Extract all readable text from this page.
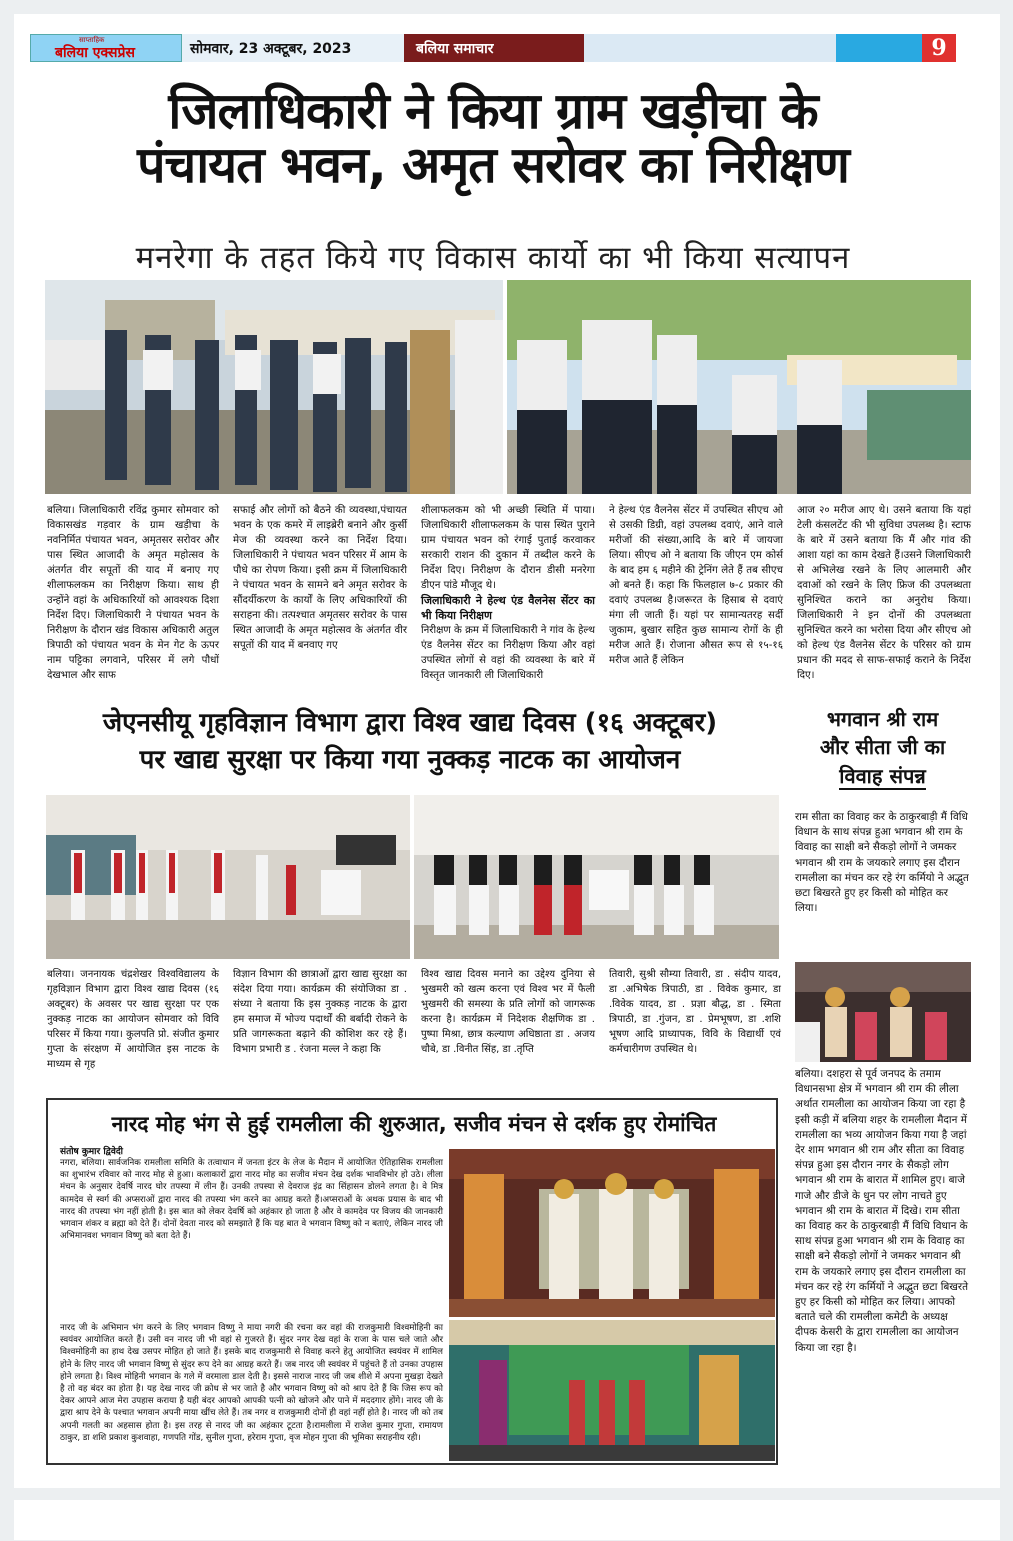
साप्ताहिक
बलिया एक्सप्रेस	सोमवार, 23 अक्टूबर, 2023	बलिया समाचार	9
जिलाधिकारी ने किया ग्राम खड़ीचा के
पंचायत भवन, अमृत सरोवर का निरीक्षण
मनरेगा के तहत किये गए विकास कार्यो का भी किया सत्यापन
बलिया। जिलाधिकारी रविंद्र कुमार सोमवार को विकासखंड गड़वार के ग्राम खड़ीचा के नवनिर्मित पंचायत भवन, अमृतसर सरोवर और पास स्थित आजादी के अमृत महोत्सव के अंतर्गत वीर सपूतों की याद में बनाए गए शीलाफलकम का निरीक्षण किया। साथ ही उन्होंने वहां के अधिकारियों को आवश्यक दिशा निर्देश दिए। जिलाधिकारी ने पंचायत भवन के निरीक्षण के दौरान खंड विकास अधिकारी अतुल त्रिपाठी को पंचायत भवन के मेन गेट के ऊपर नाम पट्टिका लगवाने, परिसर में लगे पौधों देखभाल और साफ
सफाई और लोगों को बैठने की व्यवस्था,पंचायत भवन के एक कमरे में लाइब्रेरी बनाने और कुर्सी मेज की व्यवस्था करने का निर्देश दिया। जिलाधिकारी ने पंचायत भवन परिसर में आम के पौधे का रोपण किया। इसी क्रम में जिलाधिकारी ने पंचायत भवन के सामने बने अमृत सरोवर के सौंदर्यीकरण के कार्यों के लिए अधिकारियों की सराहना की। तत्पश्चात अमृतसर सरोवर के पास स्थित आजादी के अमृत महोत्सव के अंतर्गत वीर सपूतों की याद में बनवाए गए
शीलाफलकम को भी अच्छी स्थिति में पाया। जिलाधिकारी शीलाफलकम के पास स्थित पुराने ग्राम पंचायत भवन को रंगाई पुताई करवाकर सरकारी राशन की दुकान में तब्दील करने के निर्देश दिए। निरीक्षण के दौरान डीसी मनरेगा डीएन पांडे मौजूद थे।
जिलाधिकारी ने हेल्थ एंड वैलनेस सेंटर का भी किया निरीक्षण
निरीक्षण के क्रम में जिलाधिकारी ने गांव के हेल्थ एंड वैलनेस सेंटर का निरीक्षण किया और वहां उपस्थित लोगों से वहां की व्यवस्था के बारे में विस्तृत जानकारी ली जिलाधिकारी
ने हेल्थ एंड वैलनेस सेंटर में उपस्थित सीएच ओ से उसकी डिग्री, वहां उपलब्ध दवाएं, आने वाले मरीजों की संख्या,आदि के बारे में जायजा लिया। सीएच ओ ने बताया कि जीएन एम कोर्स के बाद हम ६ महीने की ट्रेनिंग लेते हैं तब सीएच ओ बनते हैं। कहा कि फिलहाल ७-८ प्रकार की दवाएं उपलब्ध है।जरूरत के हिसाब से दवाएं मंगा ली जाती हैं। यहां पर सामान्यतरह सर्दी जुकाम, बुखार सहित कुछ सामान्य रोगों के ही मरीज आते हैं। रोजाना औसत रूप से १५-१६ मरीज आते हैं लेकिन
आज २० मरीज आए थे। उसने बताया कि यहां टेली कंसलटेंट की भी सुविधा उपलब्ध है। स्टाफ के बारे में उसने बताया कि मैं और गांव की आशा यहां का काम देखते हैं।उसने जिलाधिकारी से अभिलेख रखने के लिए आलमारी और दवाओं को रखने के लिए फ्रिज की उपलब्धता सुनिश्चित कराने का अनुरोध किया। जिलाधिकारी ने इन दोनों की उपलब्धता सुनिश्चित करने का भरोसा दिया और सीएच ओ को हेल्थ एंड वैलनेस सेंटर के परिसर को ग्राम प्रधान की मदद से साफ-सफाई कराने के निर्देश दिए।
जेएनसीयू गृहविज्ञान विभाग द्वारा विश्व खाद्य दिवस (१६ अक्टूबर)
पर खाद्य सुरक्षा पर किया गया नुक्कड़ नाटक का आयोजन
बलिया। जननायक चंद्रशेखर विश्वविद्यालय के गृहविज्ञान विभाग द्वारा विश्व खाद्य दिवस (१६ अक्टूबर) के अवसर पर खाद्य सुरक्षा पर एक नुक्कड़ नाटक का आयोजन सोमवार को विवि परिसर में किया गया। कुलपति प्रो. संजीत कुमार गुप्ता के संरक्षण में आयोजित इस नाटक के माध्यम से गृह
विज्ञान विभाग की छात्राओं द्वारा खाद्य सुरक्षा का संदेश दिया गया। कार्यक्रम की संयोजिका डा . संध्या ने बताया कि इस नुक्कड़ नाटक के द्वारा हम समाज में भोज्य पदार्थों की बर्बादी रोकने के प्रति जागरूकता बढ़ाने की कोशिश कर रहे हैं। विभाग प्रभारी ड . रंजना मल्ल ने कहा कि
विश्व खाद्य दिवस मनाने का उद्देश्य दुनिया से भुखमरी को खत्म करना एवं विश्व भर में फैली भुखमरी की समस्या के प्रति लोगों को जागरूक करना है। कार्यक्रम में निदेशक शैक्षणिक डा . पुष्पा मिश्रा, छात्र कल्याण अधिष्ठाता डा . अजय चौबे, डा .विनीत सिंह, डा .तृप्ति
तिवारी, सुश्री सौम्या तिवारी, डा . संदीप यादव, डा .अभिषेक त्रिपाठी, डा . विवेक कुमार, डा .विवेक यादव, डा . प्रज्ञा बौद्ध, डा . स्मिता त्रिपाठी, डा .गुंजन, डा . प्रेमभूषण, डा .शशि भूषण आदि प्राध्यापक, विवि के विद्यार्थी एवं कर्मचारीगण उपस्थित थे।
भगवान श्री राम
और सीता जी का
विवाह संपन्न
राम सीता का विवाह कर के ठाकुरबाड़ी मैं विधि विधान के साथ संपन्न हुआ भगवान श्री राम के विवाह का साक्षी बने सैकड़ो लोगों ने जमकर भगवान श्री राम के जयकारे लगाए इस दौरान रामलीला का मंचन कर रहे रंग कर्मियो ने अद्भुत छटा बिखरते हुए हर किसी को मोहित कर लिया।
बलिया। दशहरा से पूर्व जनपद के तमाम विधानसभा क्षेत्र में भगवान श्री राम की लीला अर्थात रामलीला का आयोजन किया जा रहा है इसी कड़ी में बलिया शहर के रामलीला मैदान में रामलीला का भव्य आयोजन किया गया है जहां देर शाम भगवान श्री राम और सीता का विवाह संपन्न हुआ इस दौरान नगर के सैकड़ो लोग भगवान श्री राम के बारात में शामिल हुए। बाजे गाजे और डीजे के धुन पर लोग नाचते हुए भगवान श्री राम के बारात में दिखे। राम सीता का विवाह कर के ठाकुरबाड़ी मैं विधि विधान के साथ संपन्न हुआ भगवान श्री राम के विवाह का साक्षी बने सैकड़ो लोगों ने जमकर भगवान श्री राम के जयकारे लगाए इस दौरान रामलीला का मंचन कर रहे रंग कर्मियों ने अद्भुत छटा बिखरते हुए हर किसी को मोहित कर लिया। आपको बताते चले की रामलीला कमेटी के अध्यक्ष दीपक केसरी के द्वारा रामलीला का आयोजन किया जा रहा है।
नारद मोह भंग से हुई रामलीला की शुरुआत, सजीव मंचन से दर्शक हुए रोमांचित
संतोष कुमार द्विवेदी
नगरा, बलिया। सार्वजनिक रामलीला समिति के तत्वाधान में जनता इंटर के लेज के मैदान में आयोजित ऐतिहासिक रामलीला का शुभारंभ रविवार को नारद मोह से हुआ। कलाकारों द्वारा नारद मोह का सजीव मंचन देख दर्शक भावविभोर हो उठे। लीला मंचन के अनुसार देवर्षि नारद घोर तपस्या में लीन हैं। उनकी तपस्या से देवराज इंद्र का सिंहासन डोलने लगता है। वे मित्र कामदेव से स्वर्ग की अप्सराओं द्वारा नारद की तपस्या भंग करने का आग्रह करते हैं।अप्सराओं के अथक प्रयास के बाद भी नारद की तपस्या भंग नहीं होती है। इस बात को लेकर देवर्षि को अहंकार हो जाता है और वे कामदेव पर विजय की जानकारी भगवान शंकर व ब्रह्मा को देते हैं। दोनों देवता नारद को समझाते हैं कि यह बात वे भगवान विष्णु को न बताएं, लेकिन नारद जी अभिमानवश भगवान विष्णु को बता देते हैं।
नारद जी के अभिमान भंग करने के लिए भगवान विष्णु ने माया नगरी की रचना कर वहां की राजकुमारी विश्वमोहिनी का स्वयंवर आयोजित करते हैं। उसी वन नारद जी भी वहां से गुजरते हैं। सुंदर नगर देख वहां के राजा के पास चले जाते और विश्वमोहिनी का हाथ देख उसपर मोहित हो जाते हैं। इसके बाद राजकुमारी से विवाह करने हेतु आयोजित स्वयंवर में शामिल होने के लिए नारद जी भगवान विष्णु से सुंदर रूप देने का आग्रह करते हैं। जब नारद जी स्वयंवर में पहुंचते हैं तो उनका उपहास होने लगता है। विश्व मोहिनी भगवान के गले में वरमाला डाल देती है। इससे नाराज नारद जी जब शीशे में अपना मुखड़ा देखते है तो वह बंदर का होता है। यह देख नारद जी क्रोध से भर जाते है और भगवान विष्णु को को श्राप देते हैं कि जिस रूप को देकर आपने आज मेरा उपहास कराया है यही बंदर आपको आपकी पत्नी को खोजने और पाने में मददगार होंगे। नारद जी के द्वारा श्राप देने के पश्चात भगवान अपनी माया खींच लेते हैं। तब नगर व राजकुमारी दोनों ही वहां नहीं होते है। नारद जी को तब अपनी गलती का अहसास होता है। इस तरह से नारद जी का अहंकार टूटता है।रामलीला में राजेश कुमार गुप्ता, रामायण ठाकुर, डा शशि प्रकाश कुशवाहा, गणपति गोंड, सुनील गुप्ता, हरेराम गुप्ता, वृज मोहन गुप्ता की भूमिका सराहनीय रही।
